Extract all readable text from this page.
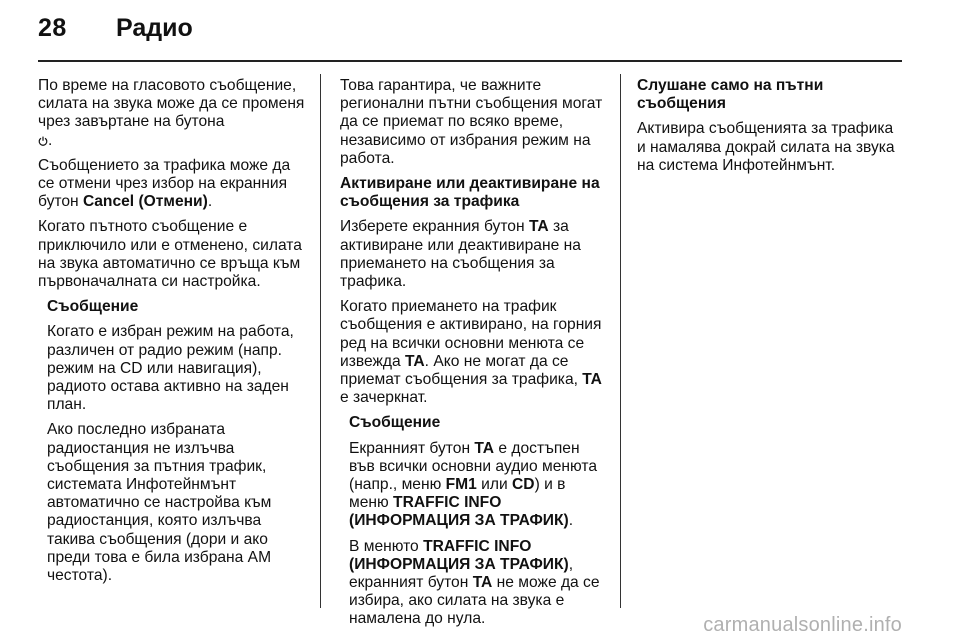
28 Радио

По време на гласовото съобщение, силата на звука може да се променя чрез завъртане на бутона
.

Съобщението за трафика може да се отмени чрез избор на екранния бутон Cancel (Отмени).

Когато пътното съобщение е приключило или е отменено, силата на звука автоматично се връща към първоначалната си настройка.

Съобщение

Когато е избран режим на работа, различен от радио режим (напр. режим на CD или навигация), радиото остава активно на заден план.

Ако последно избраната радиостанция не излъчва съобщения за пътния трафик, системата Инфотейнмънт автоматично се настройва към радиостанция, която излъчва такива съобщения (дори и ако преди това е била избрана AM честота).

Това гарантира, че важните регионални пътни съобщения могат да се приемат по всяко време, независимо от избрания режим на работа.

Активиране или деактивиране на съобщения за трафика

Изберете екранния бутон TA за активиране или деактивиране на приемането на съобщения за трафика.

Когато приемането на трафик съобщения е активирано, на горния ред на всички основни менюта се извежда TA. Ако не могат да се приемат съобщения за трафика, TA е зачеркнат.

Съобщение

Екранният бутон TA е достъпен във всички основни аудио менюта (напр., меню FM1 или CD) и в меню TRAFFIC INFO (ИНФОРМАЦИЯ ЗА ТРАФИК).

В менюто TRAFFIC INFO (ИНФОРМАЦИЯ ЗА ТРАФИК), екранният бутон TA не може да се избира, ако силата на звука е намалена до нула.

Слушане само на пътни съобщения

Активира съобщенията за трафика и намалява докрай силата на звука на система Инфотейнмънт.

carmanualsonline.info
